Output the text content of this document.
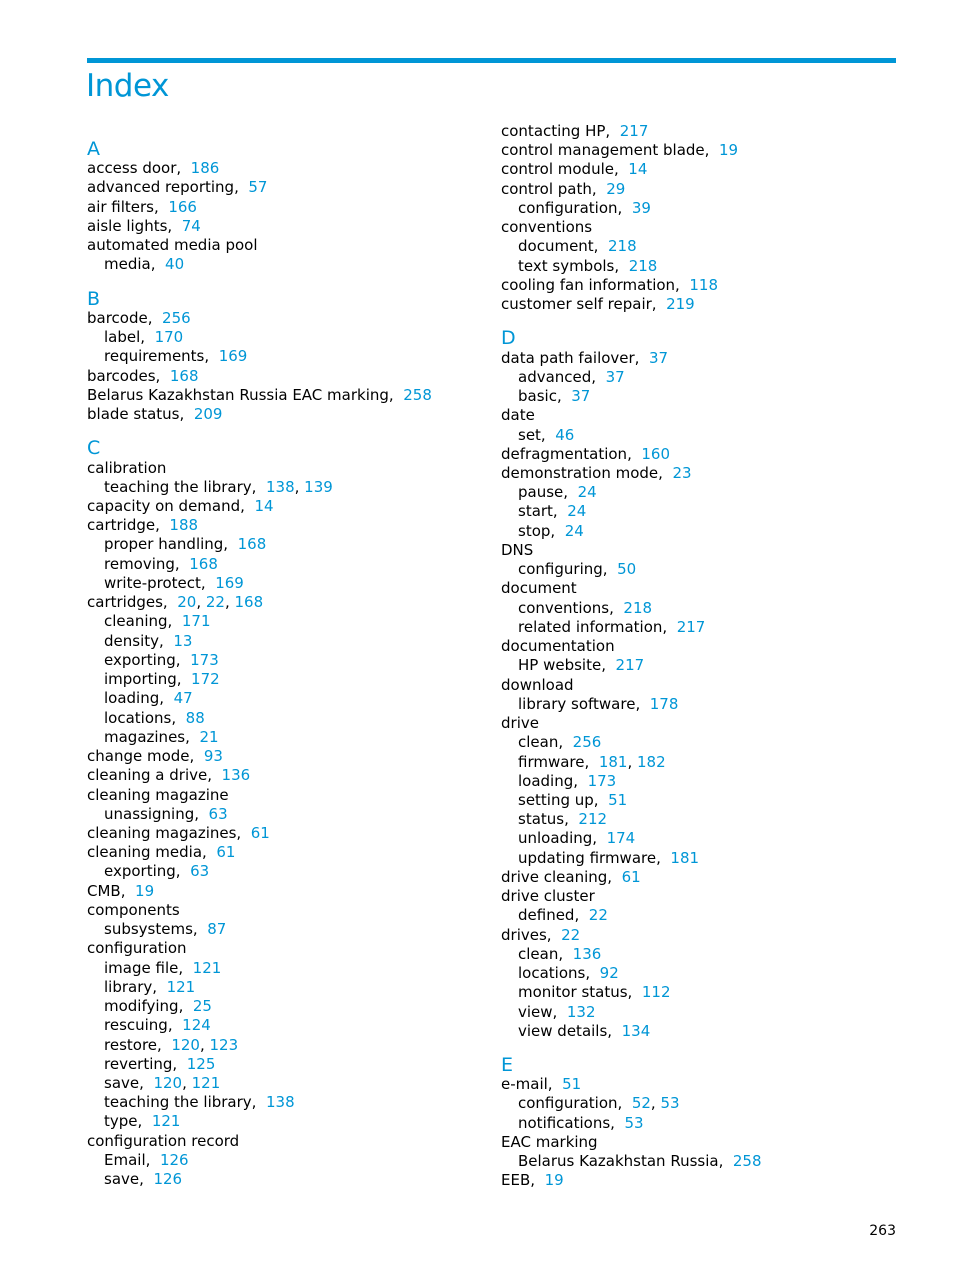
Index
A
access door, 186
advanced reporting, 57
air filters, 166
aisle lights, 74
automated media pool
media, 40
B
barcode, 256
label, 170
requirements, 169
barcodes, 168
Belarus Kazakhstan Russia EAC marking, 258
blade status, 209
C
calibration
teaching the library, 138, 139
capacity on demand, 14
cartridge, 188
proper handling, 168
removing, 168
write-protect, 169
cartridges, 20, 22, 168
cleaning, 171
density, 13
exporting, 173
importing, 172
loading, 47
locations, 88
magazines, 21
change mode, 93
cleaning a drive, 136
cleaning magazine
unassigning, 63
cleaning magazines, 61
cleaning media, 61
exporting, 63
CMB, 19
components
subsystems, 87
configuration
image file, 121
library, 121
modifying, 25
rescuing, 124
restore, 120, 123
reverting, 125
save, 120, 121
teaching the library, 138
type, 121
configuration record
Email, 126
save, 126
contacting HP, 217
control management blade, 19
control module, 14
control path, 29
configuration, 39
conventions
document, 218
text symbols, 218
cooling fan information, 118
customer self repair, 219
D
data path failover, 37
advanced, 37
basic, 37
date
set, 46
defragmentation, 160
demonstration mode, 23
pause, 24
start, 24
stop, 24
DNS
configuring, 50
document
conventions, 218
related information, 217
documentation
HP website, 217
download
library software, 178
drive
clean, 256
firmware, 181, 182
loading, 173
setting up, 51
status, 212
unloading, 174
updating firmware, 181
drive cleaning, 61
drive cluster
defined, 22
drives, 22
clean, 136
locations, 92
monitor status, 112
view, 132
view details, 134
E
e-mail, 51
configuration, 52, 53
notifications, 53
EAC marking
Belarus Kazakhstan Russia, 258
EEB, 19
263
